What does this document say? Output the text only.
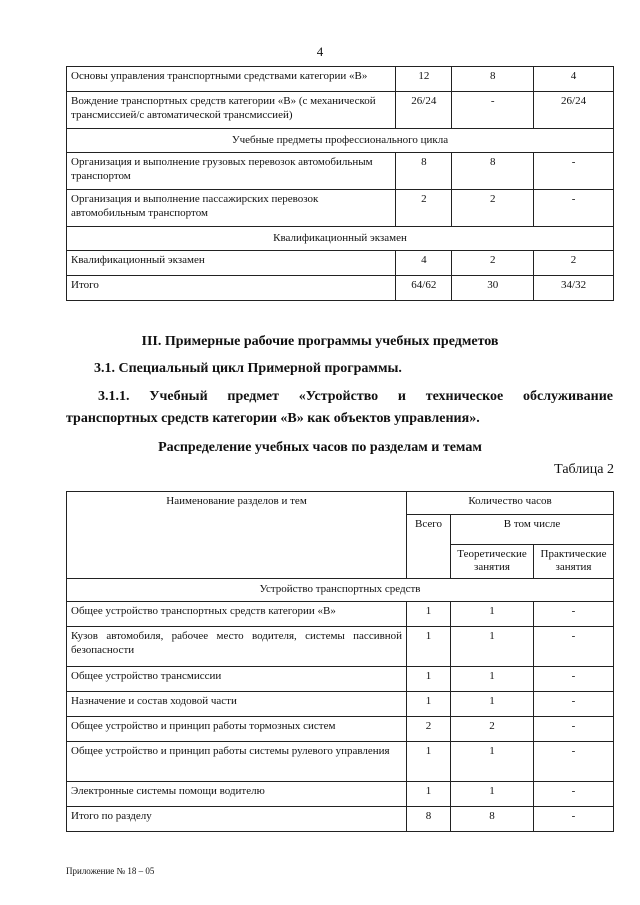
4
Основы управления транспортными средствами категории «В»	12	8	4
Вождение транспортных средств категории «В» (с механической трансмиссией/с автоматической трансмиссией)	26/24	-	26/24
Учебные предметы профессионального цикла			
Организация и выполнение грузовых перевозок автомобильным транспортом	8	8	-
Организация и выполнение пассажирских перевозок автомобильным транспортом	2	2	-
Квалификационный экзамен			
Квалификационный экзамен	4	2	2
Итого	64/62	30	34/32
III. Примерные рабочие программы учебных предметов
3.1. Специальный цикл Примерной программы.
3.1.1. Учебный предмет «Устройство и техническое обслуживание
транспортных средств категории «В» как объектов управления».
Распределение учебных часов по разделам и темам
Таблица 2
Наименование разделов и тем	Количество часов		
	Всего	В том числе	
		Теоретические занятия	Практические занятия
Устройство транспортных средств			
Общее устройство транспортных средств категории «В»	1	1	-
Кузов автомобиля, рабочее место водителя, системы пассивной безопасности	1	1	-
Общее устройство трансмиссии	1	1	-
Назначение и состав ходовой части	1	1	-
Общее устройство и принцип работы тормозных систем	2	2	-
Общее устройство и принцип работы системы рулевого управления	1	1	-
Электронные системы помощи водителю	1	1	-
Итого по разделу	8	8	-
Приложение № 18 – 05
